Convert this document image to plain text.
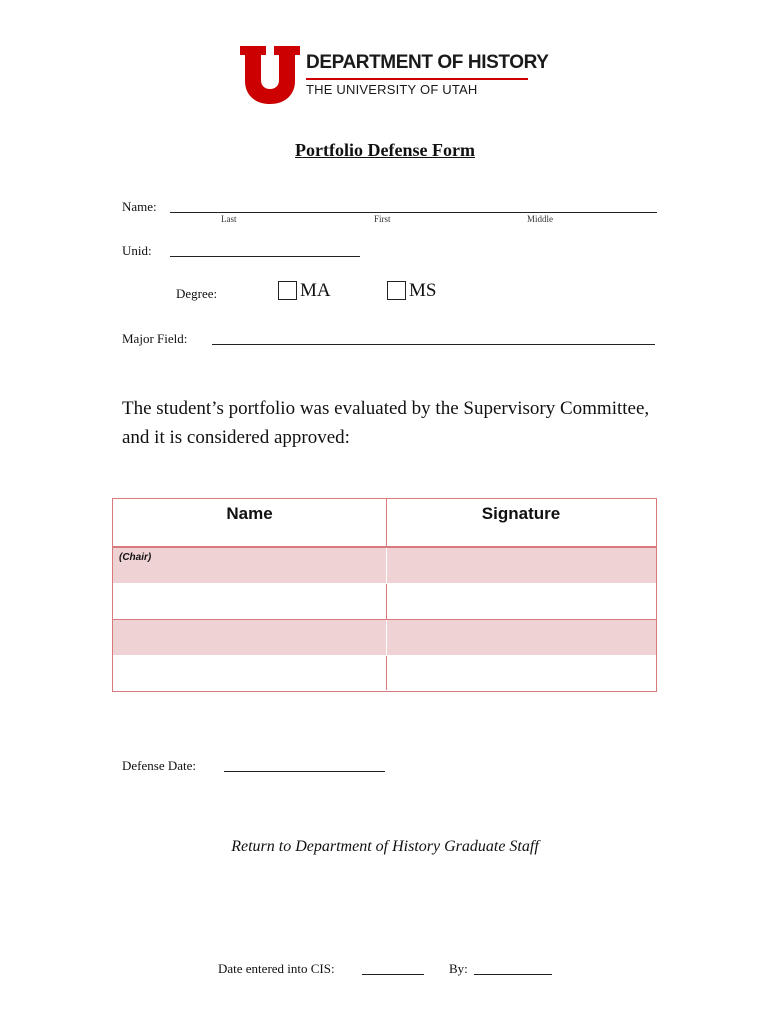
DEPARTMENT OF HISTORY
THE UNIVERSITY OF UTAH
Portfolio Defense Form
Name:
Last	First	Middle
Unid:
Degree:	MA	MS
Major Field:
The student’s portfolio was evaluated by the Supervisory Committee, and it is considered approved:
Name	Signature
(Chair)
Defense Date:
Return to Department of History Graduate Staff
Date entered into CIS:	By:
